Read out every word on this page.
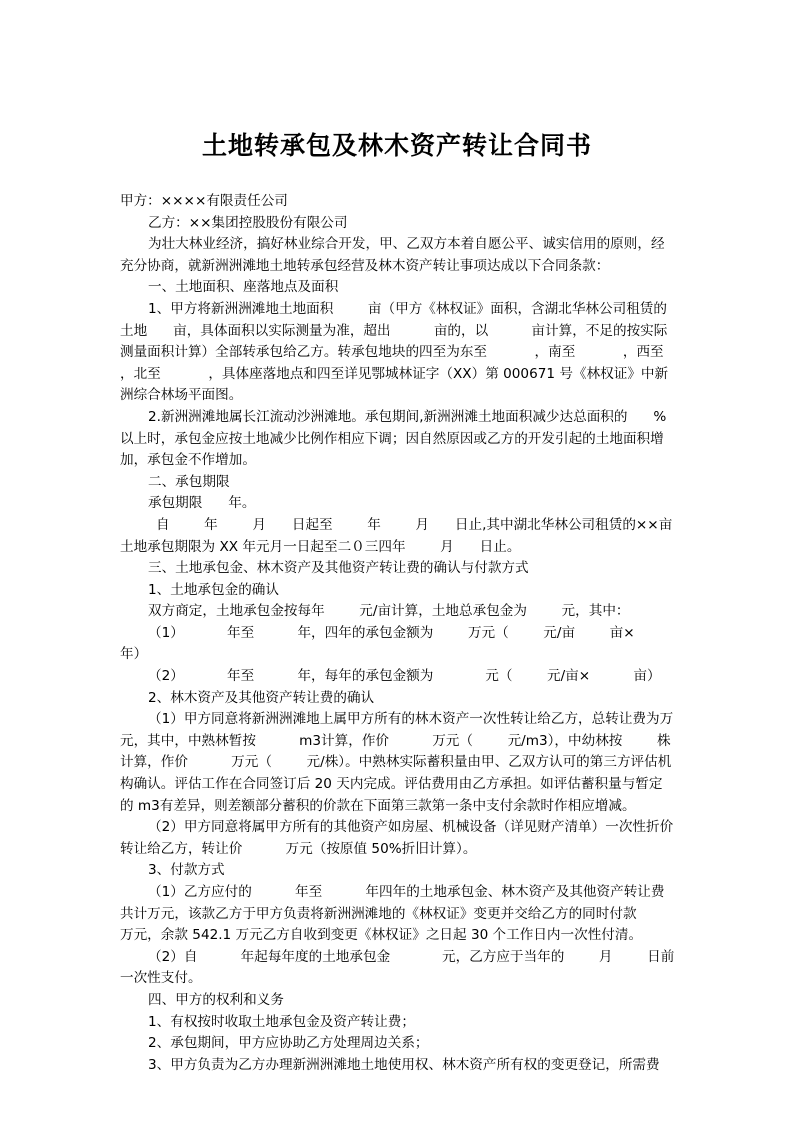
土地转承包及林木资产转让合同书

甲方：××××有限责任公司

乙方：××集团控股股份有限公司

为壮大林业经济，搞好林业综合开发，甲、乙双方本着自愿公平、诚实信用的原则，经充分协商，就新洲洲滩地土地转承包经营及林木资产转让事项达成以下合同条款：

一、土地面积、座落地点及面积

1、甲方将新洲洲滩地土地面积        亩（甲方《林权证》面积，含湖北华林公司租赁的土地      亩，具体面积以实际测量为准，超出          亩的，以          亩计算，不足的按实际测量面积计算）全部转承包给乙方。转承包地块的四至为东至           ，南至           ，西至           ，北至           ，具体座落地点和四至详见鄂城林证字（XX）第 000671 号《林权证》中新洲综合林场平面图。

2.新洲洲滩地属长江流动沙洲滩地。承包期间,新洲洲滩土地面积减少达总面积的      %以上时，承包金应按土地减少比例作相应下调；因自然原因或乙方的开发引起的土地面积增加，承包金不作增加。

二、承包期限

承包期限      年。

自        年        月      日起至        年        月      日止,其中湖北华林公司租赁的××亩土地承包期限为 XX 年元月一日起至二０三四年        月      日止。

三、土地承包金、林木资产及其他资产转让费的确认与付款方式

1、土地承包金的确认

双方商定，土地承包金按每年        元/亩计算，土地总承包金为        元，其中：

（1）          年至          年，四年的承包金额为        万元（        元/亩        亩×          年）

（2）          年至          年，每年的承包金额为            元（        元/亩×          亩）

2、林木资产及其他资产转让费的确认

（1）甲方同意将新洲洲滩地上属甲方所有的林木资产一次性转让给乙方，总转让费为万元，其中，中熟林暂按          m3计算，作价          万元（        元/m3），中幼林按        株计算，作价          万元（        元/株）。中熟林实际蓄积量由甲、乙双方认可的第三方评估机构确认。评估工作在合同签订后 20 天内完成。评估费用由乙方承担。如评估蓄积量与暂定的 m3有差异，则差额部分蓄积的价款在下面第三款第一条中支付余款时作相应增减。

（2）甲方同意将属甲方所有的其他资产如房屋、机械设备（详见财产清单）一次性折价转让给乙方，转让价          万元（按原值 50%折旧计算）。

3、付款方式

（1）乙方应付的          年至          年四年的土地承包金、林木资产及其他资产转让费共计万元，该款乙方于甲方负责将新洲洲滩地的《林权证》变更并交给乙方的同时付款          万元，余款 542.1 万元乙方自收到变更《林权证》之日起 30 个工作日内一次性付清。

（2）自          年起每年度的土地承包金            元，乙方应于当年的        月        日前一次性支付。

四、甲方的权利和义务

1、有权按时收取土地承包金及资产转让费；

2、承包期间，甲方应协助乙方处理周边关系；

3、甲方负责为乙方办理新洲洲滩地土地使用权、林木资产所有权的变更登记，所需费
